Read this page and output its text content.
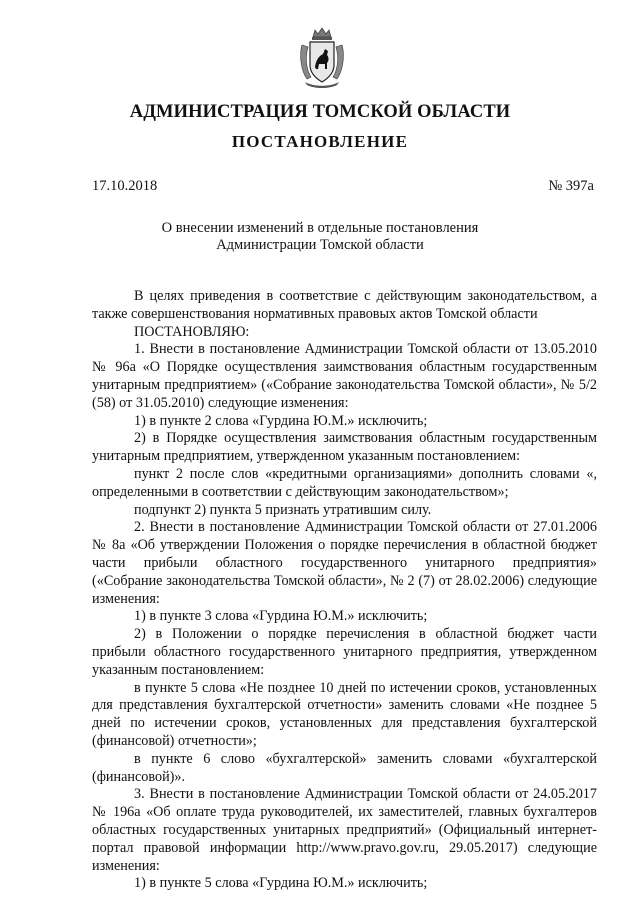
АДМИНИСТРАЦИЯ ТОМСКОЙ ОБЛАСТИ
ПОСТАНОВЛЕНИЕ
17.10.2018	№ 397а
О внесении изменений в отдельные постановления
Администрации Томской области

В целях приведения в соответствие с действующим законодательством, а также совершенствования нормативных правовых актов Томской области

ПОСТАНОВЛЯЮ:

1. Внести в постановление Администрации Томской области от 13.05.2010 № 96а «О Порядке осуществления заимствования областным государственным унитарным предприятием» («Собрание законодательства Томской области», № 5/2 (58) от 31.05.2010) следующие изменения:

1) в пункте 2 слова «Гурдина Ю.М.» исключить;

2) в Порядке осуществления заимствования областным государственным унитарным предприятием, утвержденном указанным постановлением:

пункт 2 после слов «кредитными организациями» дополнить словами «, определенными в соответствии с действующим законодательством»;

подпункт 2) пункта 5 признать утратившим силу.

2. Внести в постановление Администрации Томской области от 27.01.2006 № 8а «Об утверждении Положения о порядке перечисления в областной бюджет части прибыли областного государственного унитарного предприятия» («Собрание законодательства Томской области», № 2 (7) от 28.02.2006) следующие изменения:

1) в пункте 3 слова «Гурдина Ю.М.» исключить;

2) в Положении о порядке перечисления в областной бюджет части прибыли областного государственного унитарного предприятия, утвержденном указанным постановлением:

в пункте 5 слова «Не позднее 10 дней по истечении сроков, установленных для представления бухгалтерской отчетности» заменить словами «Не позднее 5 дней по истечении сроков, установленных для представления бухгалтерской (финансовой) отчетности»;

в пункте 6 слово «бухгалтерской» заменить словами «бухгалтерской (финансовой)».

3. Внести в постановление Администрации Томской области от 24.05.2017 № 196а «Об оплате труда руководителей, их заместителей, главных бухгалтеров областных государственных унитарных предприятий» (Официальный интернет-портал правовой информации http://www.pravo.gov.ru, 29.05.2017) следующие изменения:

1) в пункте 5 слова «Гурдина Ю.М.» исключить;
